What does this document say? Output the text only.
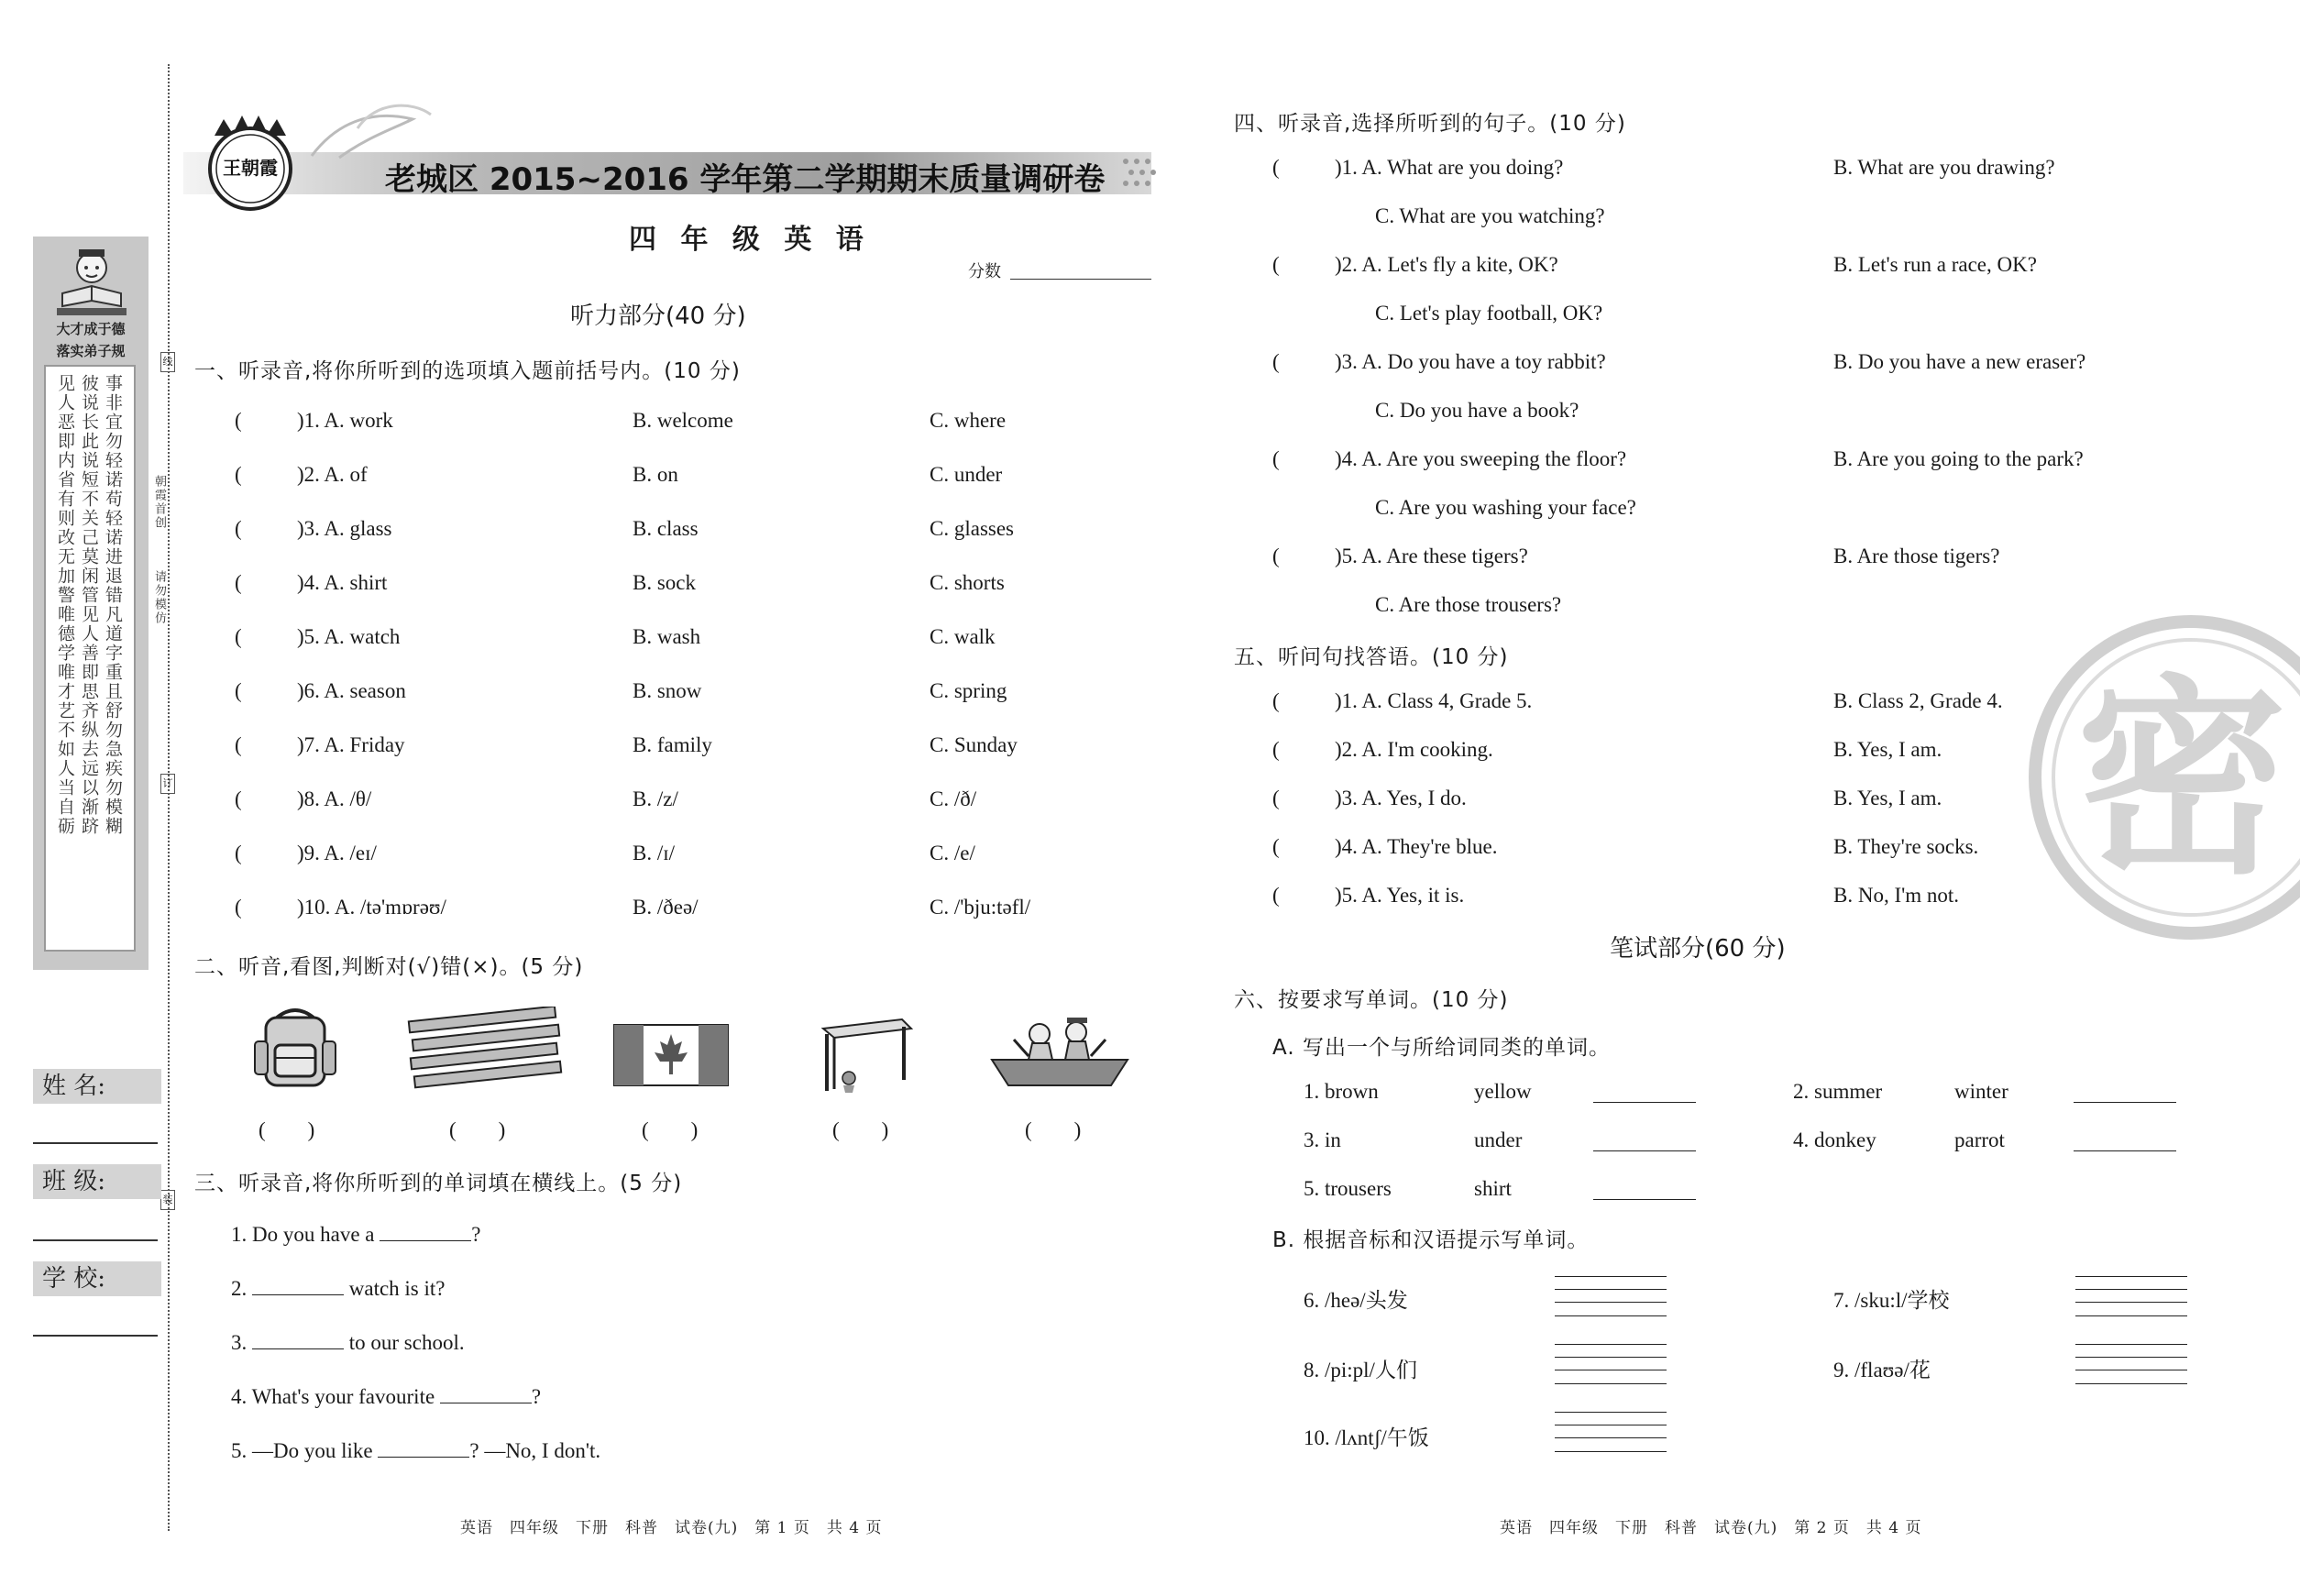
大才成于德
落实弟子规
事非宜勿轻诺苟轻诺进退错凡道字重且舒勿急疾勿模糊
彼说长此说短不关己莫闲管见人善即思齐纵去远以渐跻
见人恶即内省有则改无加警唯德学唯才艺不如人当自砺	朝霞首创
请勿模仿
线
订
装
姓 名:
班 级:
学 校:
王朝霞	老城区 2015~2016 学年第二学期期末质量调研卷
四 年 级 英 语
分数
听力部分(40 分)
一、听录音,将你所听到的选项填入题前括号内。(10 分)
(	)1. A. work	B. welcome	C. where
(	)2. A. of	B. on	C. under
(	)3. A. glass	B. class	C. glasses
(	)4. A. shirt	B. sock	C. shorts
(	)5. A. watch	B. wash	C. walk
(	)6. A. season	B. snow	C. spring
(	)7. A. Friday	B. family	C. Sunday
(	)8. A. /θ/	B. /z/	C. /ð/
(	)9. A. /eɪ/	B. /ɪ/	C. /e/
(	)10. A. /tə'mɒrəʊ/	B. /ðeə/	C. /'bju:təfl/
二、听音,看图,判断对(√)错(×)。(5 分)
(　　)	(　　)	(　　)	(　　)	(　　)
三、听录音,将你所听到的单词填在横线上。(5 分)
1. Do you have a	?
2.	watch is it?
3.	to our school.
4. What's your favourite	?
5. —Do you like	? —No, I don't.
英语　四年级　下册　科普　试卷(九)　第 1 页　共 4 页
密
四、听录音,选择所听到的句子。(10 分)
(	)1. A. What are you doing?	B. What are you drawing?
C. What are you watching?
(	)2. A. Let's fly a kite, OK?	B. Let's run a race, OK?
C. Let's play football, OK?
(	)3. A. Do you have a toy rabbit?	B. Do you have a new eraser?
C. Do you have a book?
(	)4. A. Are you sweeping the floor?	B. Are you going to the park?
C. Are you washing your face?
(	)5. A. Are these tigers?	B. Are those tigers?
C. Are those trousers?
五、听问句找答语。(10 分)
(	)1. A. Class 4, Grade 5.	B. Class 2, Grade 4.
(	)2. A. I'm cooking.	B. Yes, I am.
(	)3. A. Yes, I do.	B. Yes, I am.
(	)4. A. They're blue.	B. They're socks.
(	)5. A. Yes, it is.	B. No, I'm not.
笔试部分(60 分)
六、按要求写单词。(10 分)
A. 写出一个与所给词同类的单词。
1. brown	yellow	2. summer	winter
3. in	under	4. donkey	parrot
5. trousers	shirt
B. 根据音标和汉语提示写单词。
6. /heə/头发	7. /sku:l/学校
8. /pi:pl/人们	9. /flaʊə/花
10. /lʌntʃ/午饭
英语　四年级　下册　科普　试卷(九)　第 2 页　共 4 页
